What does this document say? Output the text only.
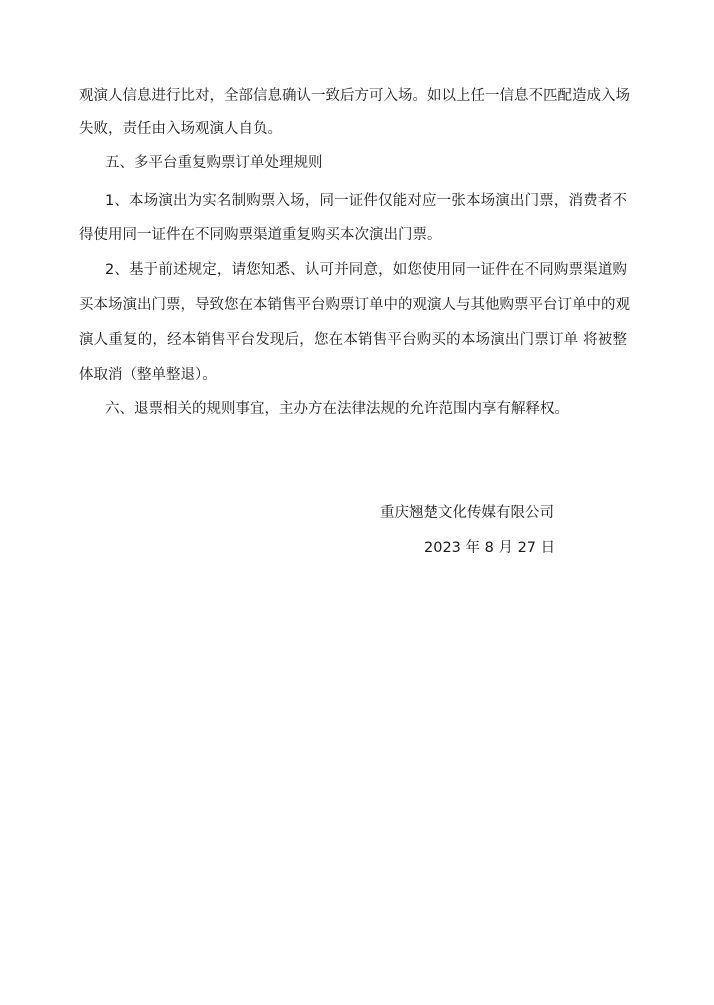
观演人信息进行比对，全部信息确认一致后方可入场。如以上任一信息不匹配造成入场
失败，责任由入场观演人自负。
五、多平台重复购票订单处理规则
1、本场演出为实名制购票入场，同一证件仅能对应一张本场演出门票，消费者不
得使用同一证件在不同购票渠道重复购买本次演出门票。
2、基于前述规定，请您知悉、认可并同意，如您使用同一证件在不同购票渠道购
买本场演出门票，导致您在本销售平台购票订单中的观演人与其他购票平台订单中的观
演人重复的，经本销售平台发现后，您在本销售平台购买的本场演出门票订单 将被整
体取消（整单整退）。
六、退票相关的规则事宜，主办方在法律法规的允许范围内享有解释权。
重庆翘楚文化传媒有限公司
2023 年 8 月 27 日
